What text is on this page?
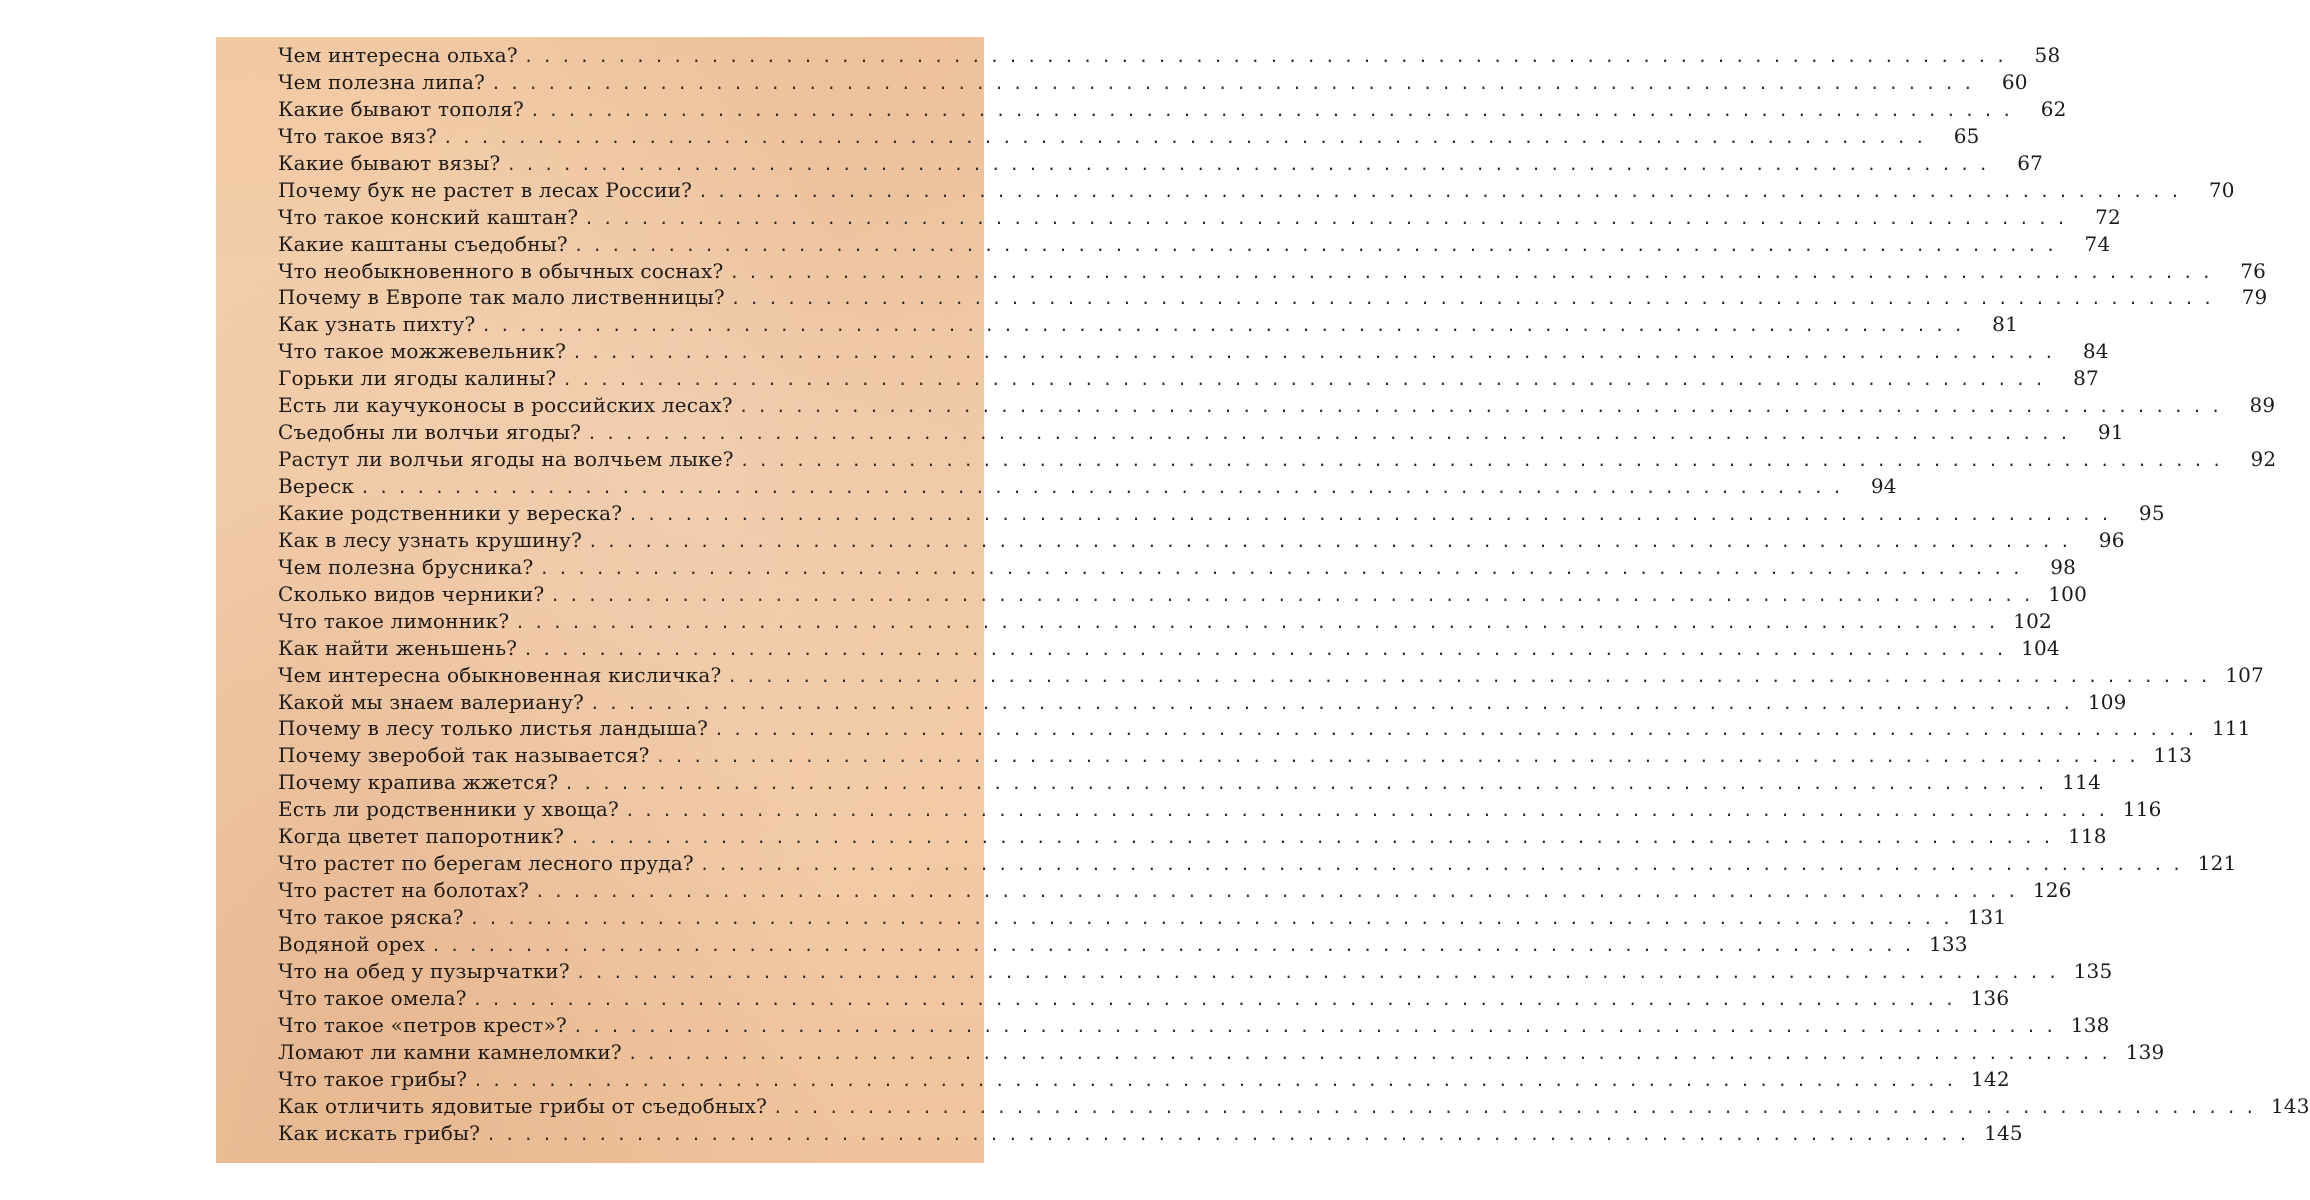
Чем интересна ольха? ................................................................................	58
Чем полезна липа? ................................................................................	60
Какие бывают тополя? ................................................................................	62
Что такое вяз? ................................................................................	65
Какие бывают вязы? ................................................................................	67
Почему бук не растет в лесах России? ................................................................................	70
Что такое конский каштан? ................................................................................	72
Какие каштаны съедобны? ................................................................................	74
Что необыкновенного в обычных соснах? ................................................................................	76
Почему в Европе так мало лиственницы? ................................................................................	79
Как узнать пихту? ................................................................................	81
Что такое можжевельник? ................................................................................	84
Горьки ли ягоды калины? ................................................................................	87
Есть ли каучуконосы в российских лесах? ................................................................................	89
Съедобны ли волчьи ягоды? ................................................................................	91
Растут ли волчьи ягоды на волчьем лыке? ................................................................................	92
Вереск ................................................................................	94
Какие родственники у вереска? ................................................................................	95
Как в лесу узнать крушину? ................................................................................	96
Чем полезна брусника? ................................................................................	98
Сколько видов черники? ................................................................................ 100
Что такое лимонник? ................................................................................ 102
Как найти женьшень? ................................................................................ 104
Чем интересна обыкновенная кисличка? ................................................................................ 107
Какой мы знаем валериану? ................................................................................ 109
Почему в лесу только листья ландыша? ................................................................................ 111
Почему зверобой так называется? ................................................................................ 113
Почему крапива жжется? ................................................................................ 114
Есть ли родственники у хвоща? ................................................................................ 116
Когда цветет папоротник? ................................................................................ 118
Что растет по берегам лесного пруда? ................................................................................ 121
Что растет на болотах? ................................................................................ 126
Что такое ряска? ................................................................................ 131
Водяной орех ................................................................................ 133
Что на обед у пузырчатки? ................................................................................ 135
Что такое омела? ................................................................................ 136
Что такое «петров крест»? ................................................................................ 138
Ломают ли камни камнеломки? ................................................................................ 139
Что такое грибы? ................................................................................ 142
Как отличить ядовитые грибы от съедобных? ................................................................................ 143
Как искать грибы? ................................................................................ 145
